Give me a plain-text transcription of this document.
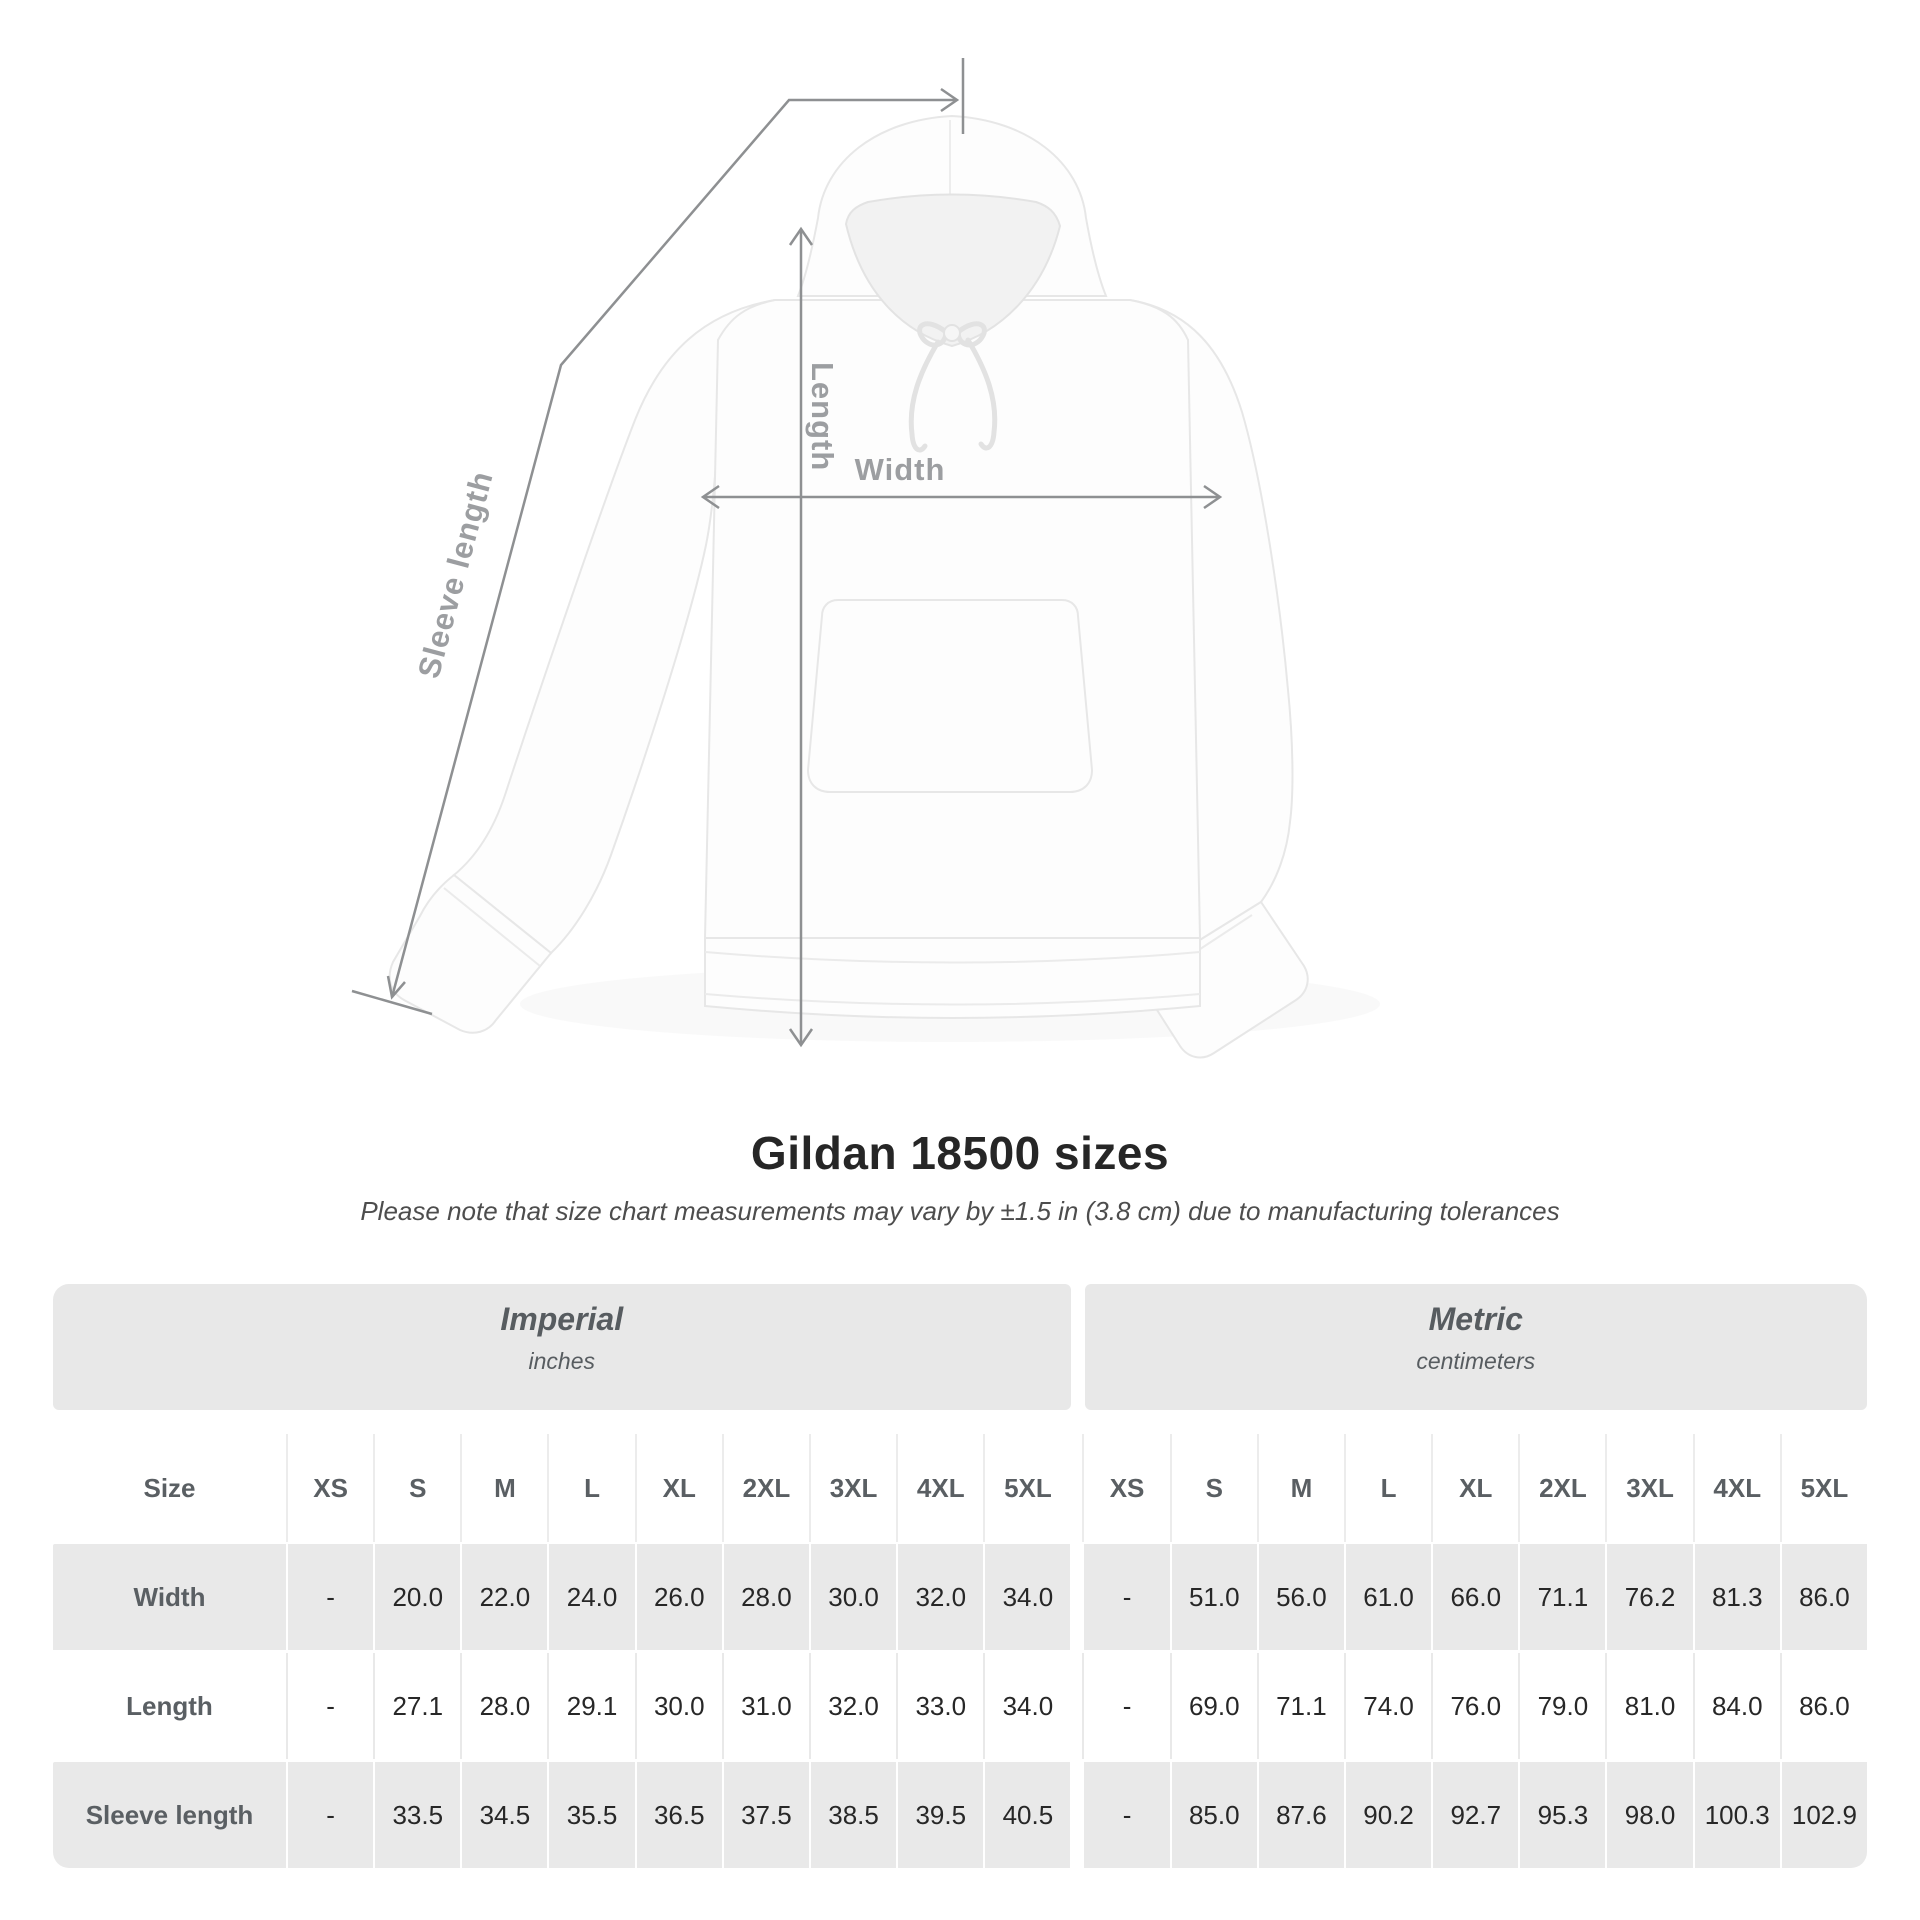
Length Width
Sleeve length
Gildan 18500 sizes

Please note that size chart measurements may vary by ±1.5 in (3.8 cm) due to manufacturing tolerances

Imperial
inches
Metric
centimeters
Size	XS	S	M	L	XL	2XL	3XL	4XL	5XL	XS	S	M	L	XL	2XL	3XL	4XL	5XL
Width	-	20.0	22.0	24.0	26.0	28.0	30.0	32.0	34.0	-	51.0	56.0	61.0	66.0	71.1	76.2	81.3	86.0
Length	-	27.1	28.0	29.1	30.0	31.0	32.0	33.0	34.0	-	69.0	71.1	74.0	76.0	79.0	81.0	84.0	86.0
Sleeve length	-	33.5	34.5	35.5	36.5	37.5	38.5	39.5	40.5	-	85.0	87.6	90.2	92.7	95.3	98.0	100.3 102.9
